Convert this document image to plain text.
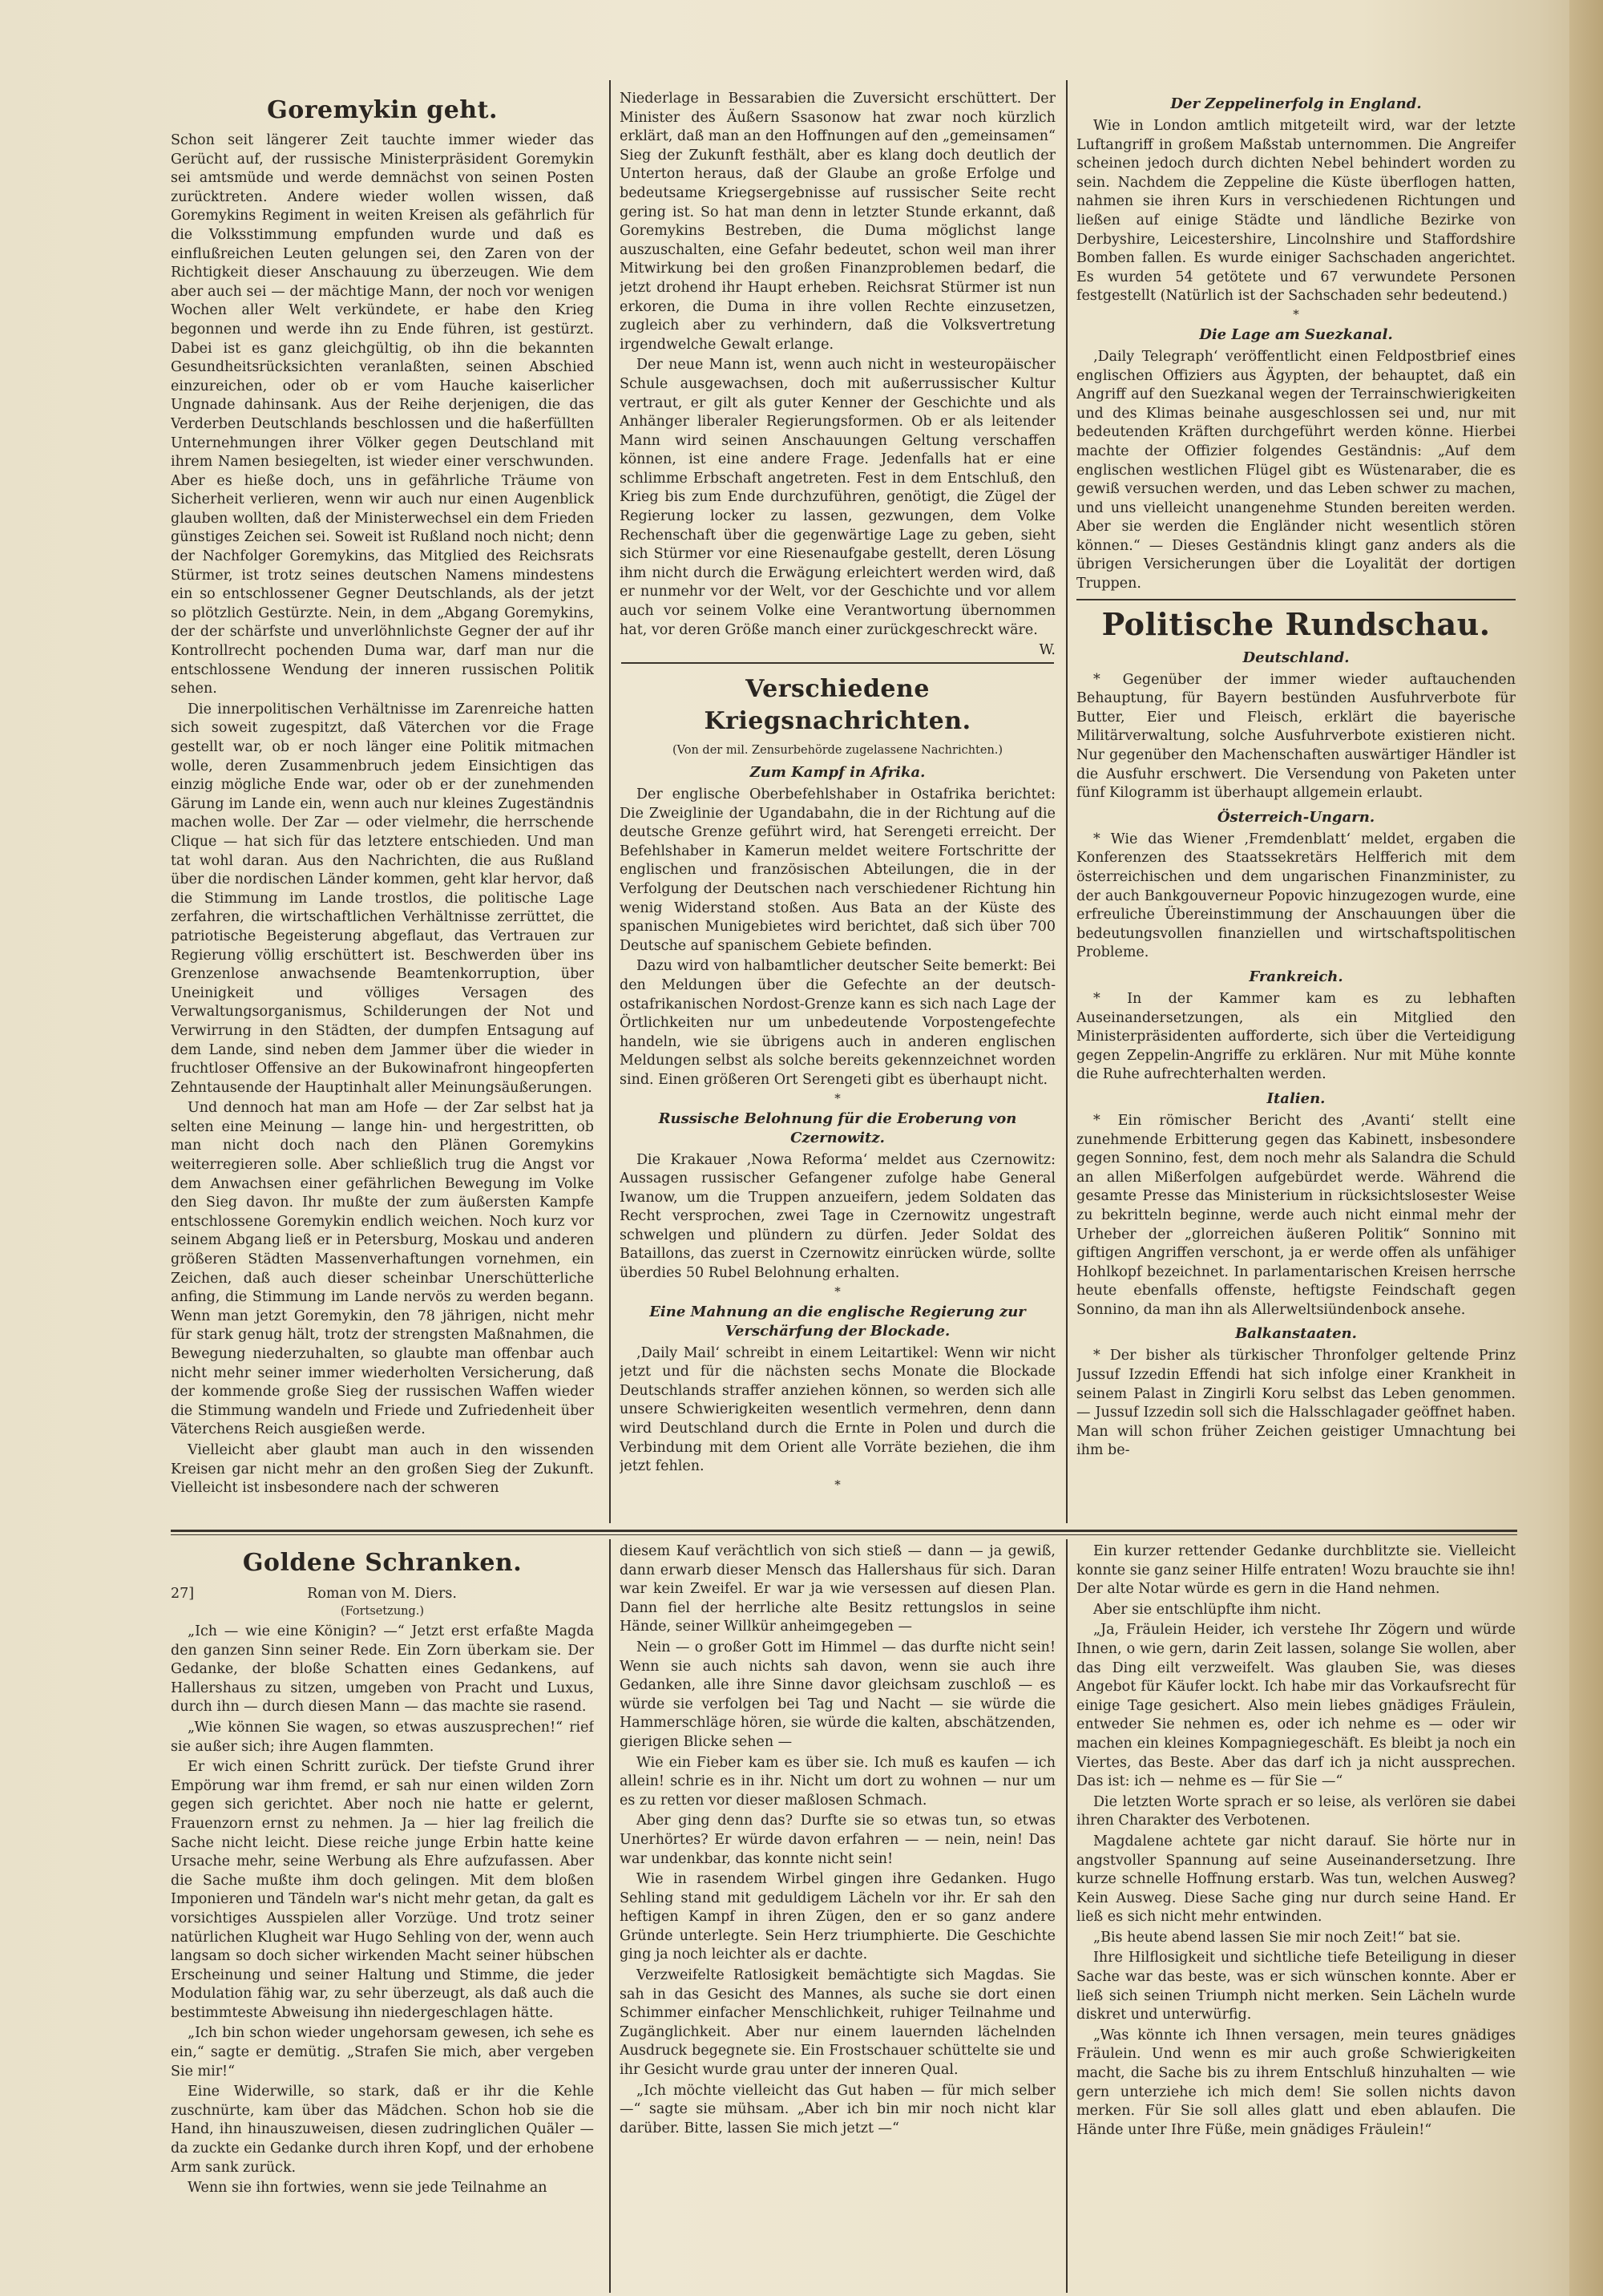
Goremykin geht.

Schon seit längerer Zeit tauchte immer wieder das Gerücht auf, der russische Ministerpräsident Goremykin sei amtsmüde und werde demnächst von seinen Posten zurücktreten. Andere wieder wollen wissen, daß Goremykins Regiment in weiten Kreisen als gefährlich für die Volksstimmung empfunden wurde und daß es einflußreichen Leuten gelungen sei, den Zaren von der Richtigkeit dieser Anschauung zu überzeugen. Wie dem aber auch sei — der mächtige Mann, der noch vor wenigen Wochen aller Welt verkündete, er habe den Krieg begonnen und werde ihn zu Ende führen, ist gestürzt. Dabei ist es ganz gleichgültig, ob ihn die bekannten Gesundheitsrücksichten veranlaßten, seinen Abschied einzureichen, oder ob er vom Hauche kaiserlicher Ungnade dahinsank. Aus der Reihe derjenigen, die das Verderben Deutschlands beschlossen und die haßerfüllten Unternehmungen ihrer Völker gegen Deutschland mit ihrem Namen besiegelten, ist wieder einer verschwunden. Aber es hieße doch, uns in gefährliche Träume von Sicherheit verlieren, wenn wir auch nur einen Augenblick glauben wollten, daß der Ministerwechsel ein dem Frieden günstiges Zeichen sei. Soweit ist Rußland noch nicht; denn der Nachfolger Goremykins, das Mitglied des Reichsrats Stürmer, ist trotz seines deutschen Namens mindestens ein so entschlossener Gegner Deutschlands, als der jetzt so plötzlich Gestürzte. Nein, in dem „Abgang Goremykins, der der schärfste und unverlöhnlichste Gegner der auf ihr Kontrollrecht pochenden Duma war, darf man nur die entschlossene Wendung der inneren russischen Politik sehen.

Die innerpolitischen Verhältnisse im Zarenreiche hatten sich soweit zugespitzt, daß Väterchen vor die Frage gestellt war, ob er noch länger eine Politik mitmachen wolle, deren Zusammenbruch jedem Einsichtigen das einzig mögliche Ende war, oder ob er der zunehmenden Gärung im Lande ein, wenn auch nur kleines Zugeständnis machen wolle. Der Zar — oder vielmehr, die herrschende Clique — hat sich für das letztere entschieden. Und man tat wohl daran. Aus den Nachrichten, die aus Rußland über die nordischen Länder kommen, geht klar hervor, daß die Stimmung im Lande trostlos, die politische Lage zerfahren, die wirtschaftlichen Verhältnisse zerrüttet, die patriotische Begeisterung abgeflaut, das Vertrauen zur Regierung völlig erschüttert ist. Beschwerden über ins Grenzenlose anwachsende Beamtenkorruption, über Uneinigkeit und völliges Versagen des Verwaltungsorganismus, Schilderungen der Not und Verwirrung in den Städten, der dumpfen Entsagung auf dem Lande, sind neben dem Jammer über die wieder in fruchtloser Offensive an der Bukowinafront hingeopferten Zehntausende der Hauptinhalt aller Meinungsäußerungen.

Und dennoch hat man am Hofe — der Zar selbst hat ja selten eine Meinung — lange hin- und hergestritten, ob man nicht doch nach den Plänen Goremykins weiterregieren solle. Aber schließlich trug die Angst vor dem Anwachsen einer gefährlichen Bewegung im Volke den Sieg davon. Ihr mußte der zum äußersten Kampfe entschlossene Goremykin endlich weichen. Noch kurz vor seinem Abgang ließ er in Petersburg, Moskau und anderen größeren Städten Massenverhaftungen vornehmen, ein Zeichen, daß auch dieser scheinbar Unerschütterliche anfing, die Stimmung im Lande nervös zu werden begann. Wenn man jetzt Goremykin, den 78 jährigen, nicht mehr für stark genug hält, trotz der strengsten Maßnahmen, die Bewegung niederzuhalten, so glaubte man offenbar auch nicht mehr seiner immer wiederholten Versicherung, daß der kommende große Sieg der russischen Waffen wieder die Stimmung wandeln und Friede und Zufriedenheit über Väterchens Reich ausgießen werde.

Vielleicht aber glaubt man auch in den wissenden Kreisen gar nicht mehr an den großen Sieg der Zukunft. Vielleicht ist insbesondere nach der schweren

Niederlage in Bessarabien die Zuversicht erschüttert. Der Minister des Äußern Ssasonow hat zwar noch kürzlich erklärt, daß man an den Hoffnungen auf den „gemeinsamen“ Sieg der Zukunft festhält, aber es klang doch deutlich der Unterton heraus, daß der Glaube an große Erfolge und bedeutsame Kriegsergebnisse auf russischer Seite recht gering ist. So hat man denn in letzter Stunde erkannt, daß Goremykins Bestreben, die Duma möglichst lange auszuschalten, eine Gefahr bedeutet, schon weil man ihrer Mitwirkung bei den großen Finanzproblemen bedarf, die jetzt drohend ihr Haupt erheben. Reichsrat Stürmer ist nun erkoren, die Duma in ihre vollen Rechte einzusetzen, zugleich aber zu verhindern, daß die Volksvertretung irgendwelche Gewalt erlange.

Der neue Mann ist, wenn auch nicht in westeuropäischer Schule ausgewachsen, doch mit außerrussischer Kultur vertraut, er gilt als guter Kenner der Geschichte und als Anhänger liberaler Regierungsformen. Ob er als leitender Mann wird seinen Anschauungen Geltung verschaffen können, ist eine andere Frage. Jedenfalls hat er eine schlimme Erbschaft angetreten. Fest in dem Entschluß, den Krieg bis zum Ende durchzuführen, genötigt, die Zügel der Regierung locker zu lassen, gezwungen, dem Volke Rechenschaft über die gegenwärtige Lage zu geben, sieht sich Stürmer vor eine Riesenaufgabe gestellt, deren Lösung ihm nicht durch die Erwägung erleichtert werden wird, daß er nunmehr vor der Welt, vor der Geschichte und vor allem auch vor seinem Volke eine Verantwortung übernommen hat, vor deren Größe manch einer zurückgeschreckt wäre.

W.

Verschiedene Kriegsnachrichten.
(Von der mil. Zensurbehörde zugelassene Nachrichten.)
Zum Kampf in Afrika.

Der englische Oberbefehlshaber in Ostafrika berichtet: Die Zweiglinie der Ugandabahn, die in der Richtung auf die deutsche Grenze geführt wird, hat Serengeti erreicht. Der Befehlshaber in Kamerun meldet weitere Fortschritte der englischen und französischen Abteilungen, die in der Verfolgung der Deutschen nach verschiedener Richtung hin wenig Widerstand stoßen. Aus Bata an der Küste des spanischen Munigebietes wird berichtet, daß sich über 700 Deutsche auf spanischem Gebiete befinden.

Dazu wird von halbamtlicher deutscher Seite bemerkt: Bei den Meldungen über die Gefechte an der deutsch-ostafrikanischen Nordost-Grenze kann es sich nach Lage der Örtlichkeiten nur um unbedeutende Vorpostengefechte handeln, wie sie übrigens auch in anderen englischen Meldungen selbst als solche bereits gekennzeichnet worden sind. Einen größeren Ort Serengeti gibt es überhaupt nicht.

*
Russische Belohnung für die Eroberung von Czernowitz.

Die Krakauer ‚Nowa Reforma‘ meldet aus Czernowitz: Aussagen russischer Gefangener zufolge habe General Iwanow, um die Truppen anzueifern, jedem Soldaten das Recht versprochen, zwei Tage in Czernowitz ungestraft schwelgen und plündern zu dürfen. Jeder Soldat des Bataillons, das zuerst in Czernowitz einrücken würde, sollte überdies 50 Rubel Belohnung erhalten.

*
Eine Mahnung an die englische Regierung zur Verschärfung der Blockade.

‚Daily Mail‘ schreibt in einem Leitartikel: Wenn wir nicht jetzt und für die nächsten sechs Monate die Blockade Deutschlands straffer anziehen können, so werden sich alle unsere Schwierigkeiten wesentlich vermehren, denn dann wird Deutschland durch die Ernte in Polen und durch die Verbindung mit dem Orient alle Vorräte beziehen, die ihm jetzt fehlen.

*
Der Zeppelinerfolg in England.

Wie in London amtlich mitgeteilt wird, war der letzte Luftangriff in großem Maßstab unternommen. Die Angreifer scheinen jedoch durch dichten Nebel behindert worden zu sein. Nachdem die Zeppeline die Küste überflogen hatten, nahmen sie ihren Kurs in verschiedenen Richtungen und ließen auf einige Städte und ländliche Bezirke von Derbyshire, Leicestershire, Lincolnshire und Staffordshire Bomben fallen. Es wurde einiger Sachschaden angerichtet. Es wurden 54 getötete und 67 verwundete Personen festgestellt (Natürlich ist der Sachschaden sehr bedeutend.)

*
Die Lage am Suezkanal.

‚Daily Telegraph‘ veröffentlicht einen Feldpostbrief eines englischen Offiziers aus Ägypten, der behauptet, daß ein Angriff auf den Suezkanal wegen der Terrainschwierigkeiten und des Klimas beinahe ausgeschlossen sei und, nur mit bedeutenden Kräften durchgeführt werden könne. Hierbei machte der Offizier folgendes Geständnis: „Auf dem englischen westlichen Flügel gibt es Wüstenaraber, die es gewiß versuchen werden, und das Leben schwer zu machen, und uns vielleicht unangenehme Stunden bereiten werden. Aber sie werden die Engländer nicht wesentlich stören können.“ — Dieses Geständnis klingt ganz anders als die übrigen Versicherungen über die Loyalität der dortigen Truppen.

Politische Rundschau.
Deutschland.

* Gegenüber der immer wieder auftauchenden Behauptung, für Bayern bestünden Ausfuhrverbote für Butter, Eier und Fleisch, erklärt die bayerische Militärverwaltung, solche Ausfuhrverbote existieren nicht. Nur gegenüber den Machenschaften auswärtiger Händler ist die Ausfuhr erschwert. Die Versendung von Paketen unter fünf Kilogramm ist überhaupt allgemein erlaubt.

Österreich-Ungarn.

* Wie das Wiener ‚Fremdenblatt‘ meldet, ergaben die Konferenzen des Staatssekretärs Helfferich mit dem österreichischen und dem ungarischen Finanzminister, zu der auch Bankgouverneur Popovic hinzugezogen wurde, eine erfreuliche Übereinstimmung der Anschauungen über die bedeutungsvollen finanziellen und wirtschaftspolitischen Probleme.

Frankreich.

* In der Kammer kam es zu lebhaften Auseinandersetzungen, als ein Mitglied den Ministerpräsidenten aufforderte, sich über die Verteidigung gegen Zeppelin-Angriffe zu erklären. Nur mit Mühe konnte die Ruhe aufrechterhalten werden.

Italien.

* Ein römischer Bericht des ‚Avanti‘ stellt eine zunehmende Erbitterung gegen das Kabinett, insbesondere gegen Sonnino, fest, dem noch mehr als Salandra die Schuld an allen Mißerfolgen aufgebürdet werde. Während die gesamte Presse das Ministerium in rücksichtslosester Weise zu bekritteln beginne, werde auch nicht einmal mehr der Urheber der „glorreichen äußeren Politik“ Sonnino mit giftigen Angriffen verschont, ja er werde offen als unfähiger Hohlkopf bezeichnet. In parlamentarischen Kreisen herrsche heute ebenfalls offenste, heftigste Feindschaft gegen Sonnino, da man ihn als Allerweltsiündenbock ansehe.

Balkanstaaten.

* Der bisher als türkischer Thronfolger geltende Prinz Jussuf Izzedin Effendi hat sich infolge einer Krankheit in seinem Palast in Zingirli Koru selbst das Leben genommen. — Jussuf Izzedin soll sich die Halsschlagader geöffnet haben. Man will schon früher Zeichen geistiger Umnachtung bei ihm be-

Goldene Schranken.
27]	Roman von M. Diers.
(Fortsetzung.)

„Ich — wie eine Königin? —“ Jetzt erst erfaßte Magda den ganzen Sinn seiner Rede. Ein Zorn überkam sie. Der Gedanke, der bloße Schatten eines Gedankens, auf Hallershaus zu sitzen, umgeben von Pracht und Luxus, durch ihn — durch diesen Mann — das machte sie rasend.

„Wie können Sie wagen, so etwas auszusprechen!“ rief sie außer sich; ihre Augen flammten.

Er wich einen Schritt zurück. Der tiefste Grund ihrer Empörung war ihm fremd, er sah nur einen wilden Zorn gegen sich gerichtet. Aber noch nie hatte er gelernt, Frauenzorn ernst zu nehmen. Ja — hier lag freilich die Sache nicht leicht. Diese reiche junge Erbin hatte keine Ursache mehr, seine Werbung als Ehre aufzufassen. Aber die Sache mußte ihm doch gelingen. Mit dem bloßen Imponieren und Tändeln war's nicht mehr getan, da galt es vorsichtiges Ausspielen aller Vorzüge. Und trotz seiner natürlichen Klugheit war Hugo Sehling von der, wenn auch langsam so doch sicher wirkenden Macht seiner hübschen Erscheinung und seiner Haltung und Stimme, die jeder Modulation fähig war, zu sehr überzeugt, als daß auch die bestimmteste Abweisung ihn niedergeschlagen hätte.

„Ich bin schon wieder ungehorsam gewesen, ich sehe es ein,“ sagte er demütig. „Strafen Sie mich, aber vergeben Sie mir!“

Eine Widerwille, so stark, daß er ihr die Kehle zuschnürte, kam über das Mädchen. Schon hob sie die Hand, ihn hinauszuweisen, diesen zudringlichen Quäler — da zuckte ein Gedanke durch ihren Kopf, und der erhobene Arm sank zurück.

Wenn sie ihn fortwies, wenn sie jede Teilnahme an

diesem Kauf verächtlich von sich stieß — dann — ja gewiß, dann erwarb dieser Mensch das Hallershaus für sich. Daran war kein Zweifel. Er war ja wie versessen auf diesen Plan. Dann fiel der herrliche alte Besitz rettungslos in seine Hände, seiner Willkür anheimgegeben —

Nein — o großer Gott im Himmel — das durfte nicht sein! Wenn sie auch nichts sah davon, wenn sie auch ihre Gedanken, alle ihre Sinne davor gleichsam zuschloß — es würde sie verfolgen bei Tag und Nacht — sie würde die Hammerschläge hören, sie würde die kalten, abschätzenden, gierigen Blicke sehen —

Wie ein Fieber kam es über sie. Ich muß es kaufen — ich allein! schrie es in ihr. Nicht um dort zu wohnen — nur um es zu retten vor dieser maßlosen Schmach.

Aber ging denn das? Durfte sie so etwas tun, so etwas Unerhörtes? Er würde davon erfahren — — nein, nein! Das war undenkbar, das konnte nicht sein!

Wie in rasendem Wirbel gingen ihre Gedanken. Hugo Sehling stand mit geduldigem Lächeln vor ihr. Er sah den heftigen Kampf in ihren Zügen, den er so ganz andere Gründe unterlegte. Sein Herz triumphierte. Die Geschichte ging ja noch leichter als er dachte.

Verzweifelte Ratlosigkeit bemächtigte sich Magdas. Sie sah in das Gesicht des Mannes, als suche sie dort einen Schimmer einfacher Menschlichkeit, ruhiger Teilnahme und Zugänglichkeit. Aber nur einem lauernden lächelnden Ausdruck begegnete sie. Ein Frostschauer schüttelte sie und ihr Gesicht wurde grau unter der inneren Qual.

„Ich möchte vielleicht das Gut haben — für mich selber —“ sagte sie mühsam. „Aber ich bin mir noch nicht klar darüber. Bitte, lassen Sie mich jetzt —“

Ein kurzer rettender Gedanke durchblitzte sie. Vielleicht konnte sie ganz seiner Hilfe entraten! Wozu brauchte sie ihn! Der alte Notar würde es gern in die Hand nehmen.

Aber sie entschlüpfte ihm nicht.

„Ja, Fräulein Heider, ich verstehe Ihr Zögern und würde Ihnen, o wie gern, darin Zeit lassen, solange Sie wollen, aber das Ding eilt verzweifelt. Was glauben Sie, was dieses Angebot für Käufer lockt. Ich habe mir das Vorkaufsrecht für einige Tage gesichert. Also mein liebes gnädiges Fräulein, entweder Sie nehmen es, oder ich nehme es — oder wir machen ein kleines Kompagniegeschäft. Es bleibt ja noch ein Viertes, das Beste. Aber das darf ich ja nicht aussprechen. Das ist: ich — nehme es — für Sie —“

Die letzten Worte sprach er so leise, als verlören sie dabei ihren Charakter des Verbotenen.

Magdalene achtete gar nicht darauf. Sie hörte nur in angstvoller Spannung auf seine Auseinandersetzung. Ihre kurze schnelle Hoffnung erstarb. Was tun, welchen Ausweg? Kein Ausweg. Diese Sache ging nur durch seine Hand. Er ließ es sich nicht mehr entwinden.

„Bis heute abend lassen Sie mir noch Zeit!“ bat sie.

Ihre Hilflosigkeit und sichtliche tiefe Beteiligung in dieser Sache war das beste, was er sich wünschen konnte. Aber er ließ sich seinen Triumph nicht merken. Sein Lächeln wurde diskret und unterwürfig.

„Was könnte ich Ihnen versagen, mein teures gnädiges Fräulein. Und wenn es mir auch große Schwierigkeiten macht, die Sache bis zu ihrem Entschluß hinzuhalten — wie gern unterziehe ich mich dem! Sie sollen nichts davon merken. Für Sie soll alles glatt und eben ablaufen. Die Hände unter Ihre Füße, mein gnädiges Fräulein!“
